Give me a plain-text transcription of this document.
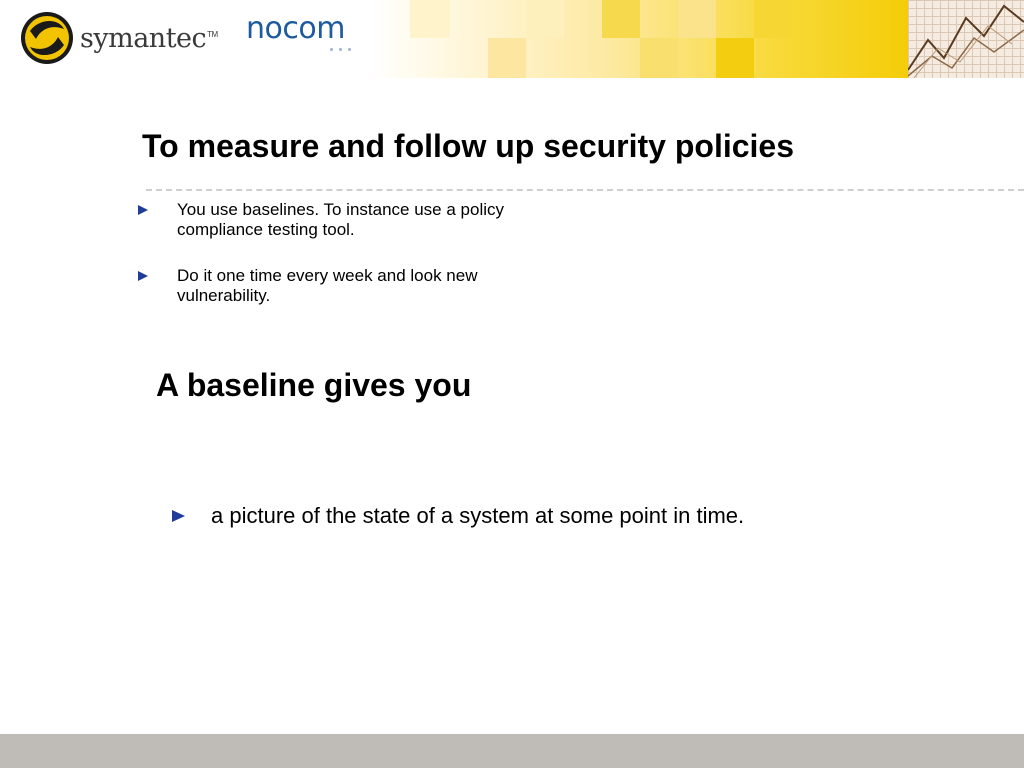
symantec™ nocom
To measure and follow up security policies
You use baselines. To instance use a policy
compliance testing tool.
Do it one time every week and look new
vulnerability.
A baseline gives you
a picture of the state of a system at some point in time.
